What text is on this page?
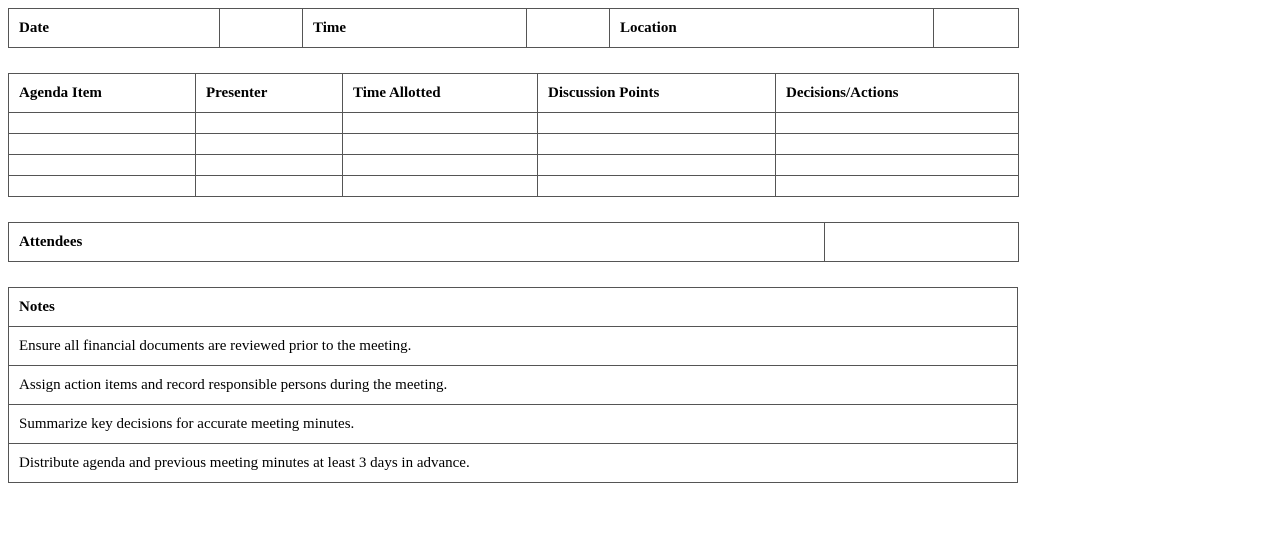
Date		Time		Location	
Agenda Item	Presenter	Time Allotted	Discussion Points	Decisions/Actions

Attendees	
Notes
Ensure all financial documents are reviewed prior to the meeting.
Assign action items and record responsible persons during the meeting.
Summarize key decisions for accurate meeting minutes.
Distribute agenda and previous meeting minutes at least 3 days in advance.
